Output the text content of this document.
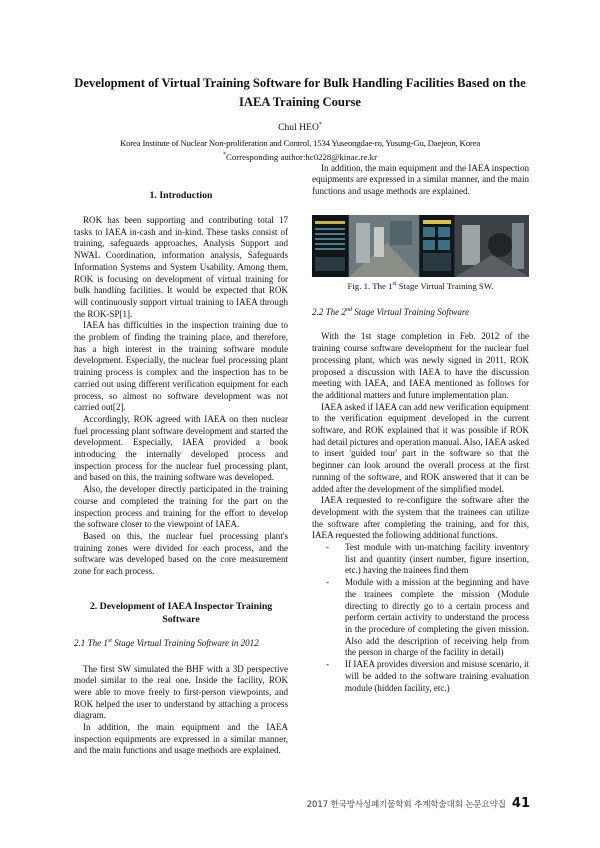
Development of Virtual Training Software for Bulk Handling Facilities Based on the IAEA Training Course
Chul HEO*
Korea Institute of Nuclear Non-proliferation and Control, 1534 Yuseongdae-ro, Yusung-Gu, Daejeon, Korea
*Corresponding author:hc0228@kinac.re.kr
1. Introduction

ROK has been supporting and contributing total 17 tasks to IAEA in-cash and in-kind. These tasks consist of training, safeguards approaches, Analysis Support and NWAL Coordination, information analysis, Safeguards Information Systems and System Usability. Among them, ROK is focusing on development of virtual training for bulk handling facilities. It would be expected that ROK will continuously support virtual training to IAEA through the ROK-SP[1].

IAEA has difficulties in the inspection training due to the problem of finding the training place, and therefore, has a high interest in the training software module development. Especially, the nuclear fuel processing plant training process is complex and the inspection has to be carried out using different verification equipment for each process, so almost no software development was not carried out[2].

Accordingly, ROK agreed with IAEA on then nuclear fuel processing plant software development and started the development. Especially, IAEA provided a book introducing the internally developed process and inspection process for the nuclear fuel processing plant, and based on this, the training software was developed.

Also, the developer directly participated in the training course and completed the training for the part on the inspection process and training for the effort to develop the software closer to the viewpoint of IAEA.

Based on this, the nuclear fuel processing plant's training zones were divided for each process, and the software was developed based on the core measurement zone for each process.

2. Development of IAEA Inspector Training Software
2.1 The 1st Stage Virtual Training Software in 2012

The first SW simulated the BHF with a 3D perspective model similar to the real one. Inside the facility, ROK were able to move freely to first-person viewpoints, and ROK helped the user to understand by attaching a process diagram.

In addition, the main equipment and the IAEA inspection equipments are expressed in a similar manner, and the main functions and usage methods are explained.

In addition, the main equipment and the IAEA inspection equipments are expressed in a similar manner, and the main functions and usage methods are explained.

Fig. 1. The 1st Stage Virtual Training SW.
2.2 The 2nd Stage Virtual Training Software

With the 1st stage completion in Feb. 2012 of the training course software development for the nuclear fuel processing plant, which was newly signed in 2011, ROK proposed a discussion with IAEA to have the discussion meeting with IAEA, and IAEA mentioned as follows for the additional matters and future implementation plan.

IAEA asked if IAEA can add new verification equipment to the verification equipment developed in the current software, and ROK explained that it was possible if ROK had detail pictures and operation manual. Also, IAEA asked to insert 'guided tour' part in the software so that the beginner can look around the overall process at the first running of the software, and ROK answered that it can be added after the development of the simplified model.

IAEA requested to re-configure the software after the development with the system that the trainees can utilize the software after completing the training, and for this, IAEA requested the following additional functions.

- Test module with un-matching facility inventory list and quantity (insert number, figure insertion, etc.) having the trainees find them
- Module with a mission at the beginning and have the trainees complete the mission (Module directing to directly go to a certain process and perform certain activity to understand the process in the procedure of completing the given mission. Also add the description of receiving help from the person in charge of the facility in detail)
- If IAEA provides diversion and misuse scenario, it will be added to the software training evaluation module (hidden facility, etc.)
2017 한국방사성폐기물학회 추계학술대회 논문요약집 41
